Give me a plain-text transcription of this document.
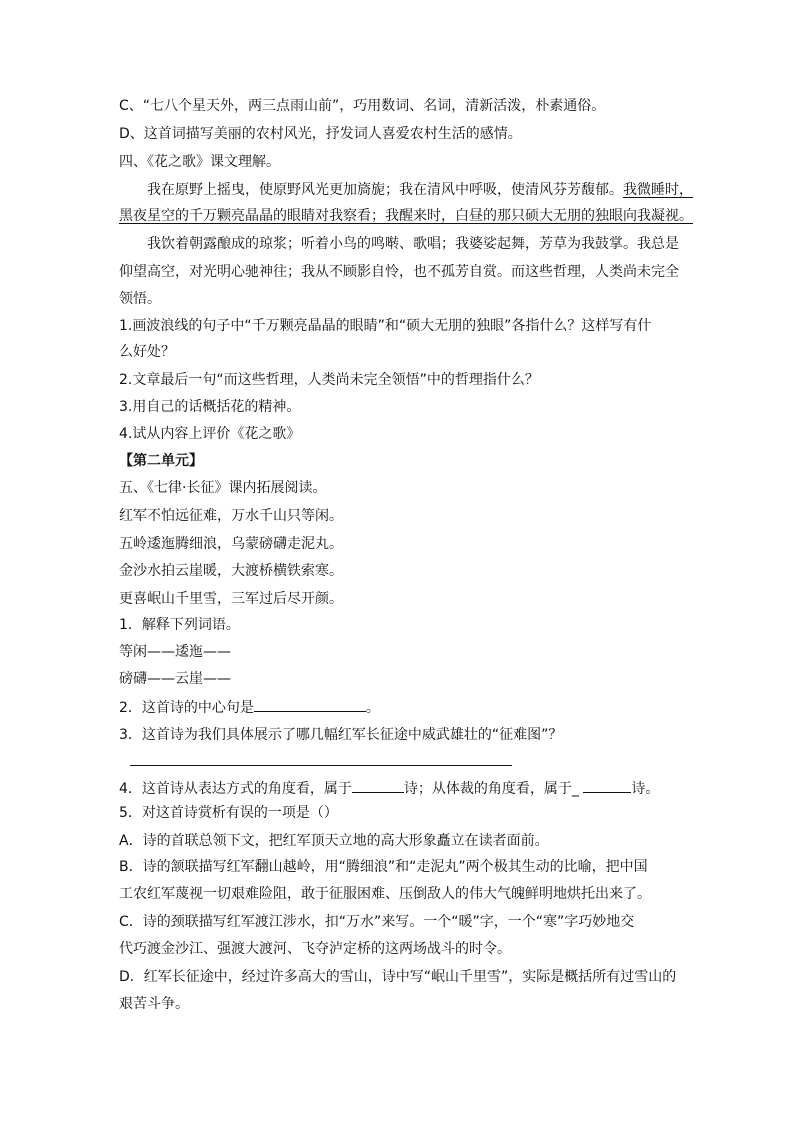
C、“七八个星天外，两三点雨山前”，巧用数词、名词，清新活泼，朴素通俗。
D、这首词描写美丽的农村风光，抒发词人喜爱农村生活的感情。
四、《花之歌》课文理解。
我在原野上摇曳，使原野风光更加旖旎；我在清风中呼吸，使清风芬芳馥郁。我微睡时，
黑夜星空的千万颗亮晶晶的眼睛对我察看；我醒来时，白昼的那只硕大无朋的独眼向我凝视。
我饮着朝露酿成的琼浆；听着小鸟的鸣啭、歌唱；我婆娑起舞，芳草为我鼓掌。我总是
仰望高空，对光明心驰神往；我从不顾影自怜，也不孤芳自赏。而这些哲理，人类尚未完全
领悟。
1.画波浪线的句子中“千万颗亮晶晶的眼睛”和“硕大无朋的独眼”各指什么？这样写有什
么好处？
2.文章最后一句“而这些哲理，人类尚未完全领悟”中的哲理指什么？
3.用自己的话概括花的精神。
4.试从内容上评价《花之歌》
【第二单元】
五、《七律·长征》课内拓展阅读。
红军不怕远征难，万水千山只等闲。
五岭逶迤腾细浪，乌蒙磅礴走泥丸。
金沙水拍云崖暖，大渡桥横铁索寒。
更喜岷山千里雪，三军过后尽开颜。
1．解释下列词语。
等闲——逶迤——
磅礴——云崖——
2．这首诗的中心句是	。
3．这首诗为我们具体展示了哪几幅红军长征途中威武雄壮的“征难图”？
4．这首诗从表达方式的角度看，属于	诗；从体裁的角度看，属于_	诗。
5．对这首诗赏析有误的一项是（）
A．诗的首联总领下文，把红军顶天立地的高大形象矗立在读者面前。
B．诗的颔联描写红军翻山越岭，用“腾细浪”和“走泥丸”两个极其生动的比喻，把中国
工农红军蔑视一切艰难险阻，敢于征服困难、压倒敌人的伟大气魄鲜明地烘托出来了。
C．诗的颈联描写红军渡江涉水，扣“万水”来写。一个“暖”字，一个“寒”字巧妙地交
代巧渡金沙江、强渡大渡河、飞夺泸定桥的这两场战斗的时令。
D．红军长征途中，经过许多高大的雪山，诗中写“岷山千里雪”，实际是概括所有过雪山的
艰苦斗争。
